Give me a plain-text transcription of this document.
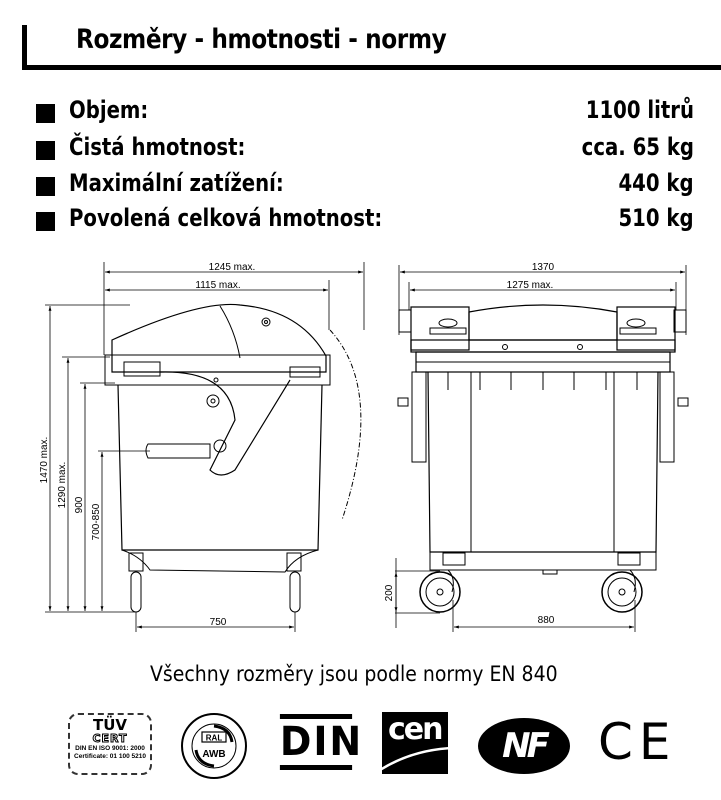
Rozměry - hmotnosti - normy
Objem:	1100 litrů
Čistá hmotnost:	cca. 65 kg
Maximální zatížení:	440 kg
Povolená celková hmotnost:	510 kg
1245 max.
1115 max.
1470 max.
1290 max. 900 700-850
750
1370
1275 max.
200
880
Všechny rozměry jsou podle normy EN 840
TÜV
CERT
DIN EN ISO 9001: 2000
Certificate: 01 100 5210
RAL
AWB DIN cen	NF	CE
